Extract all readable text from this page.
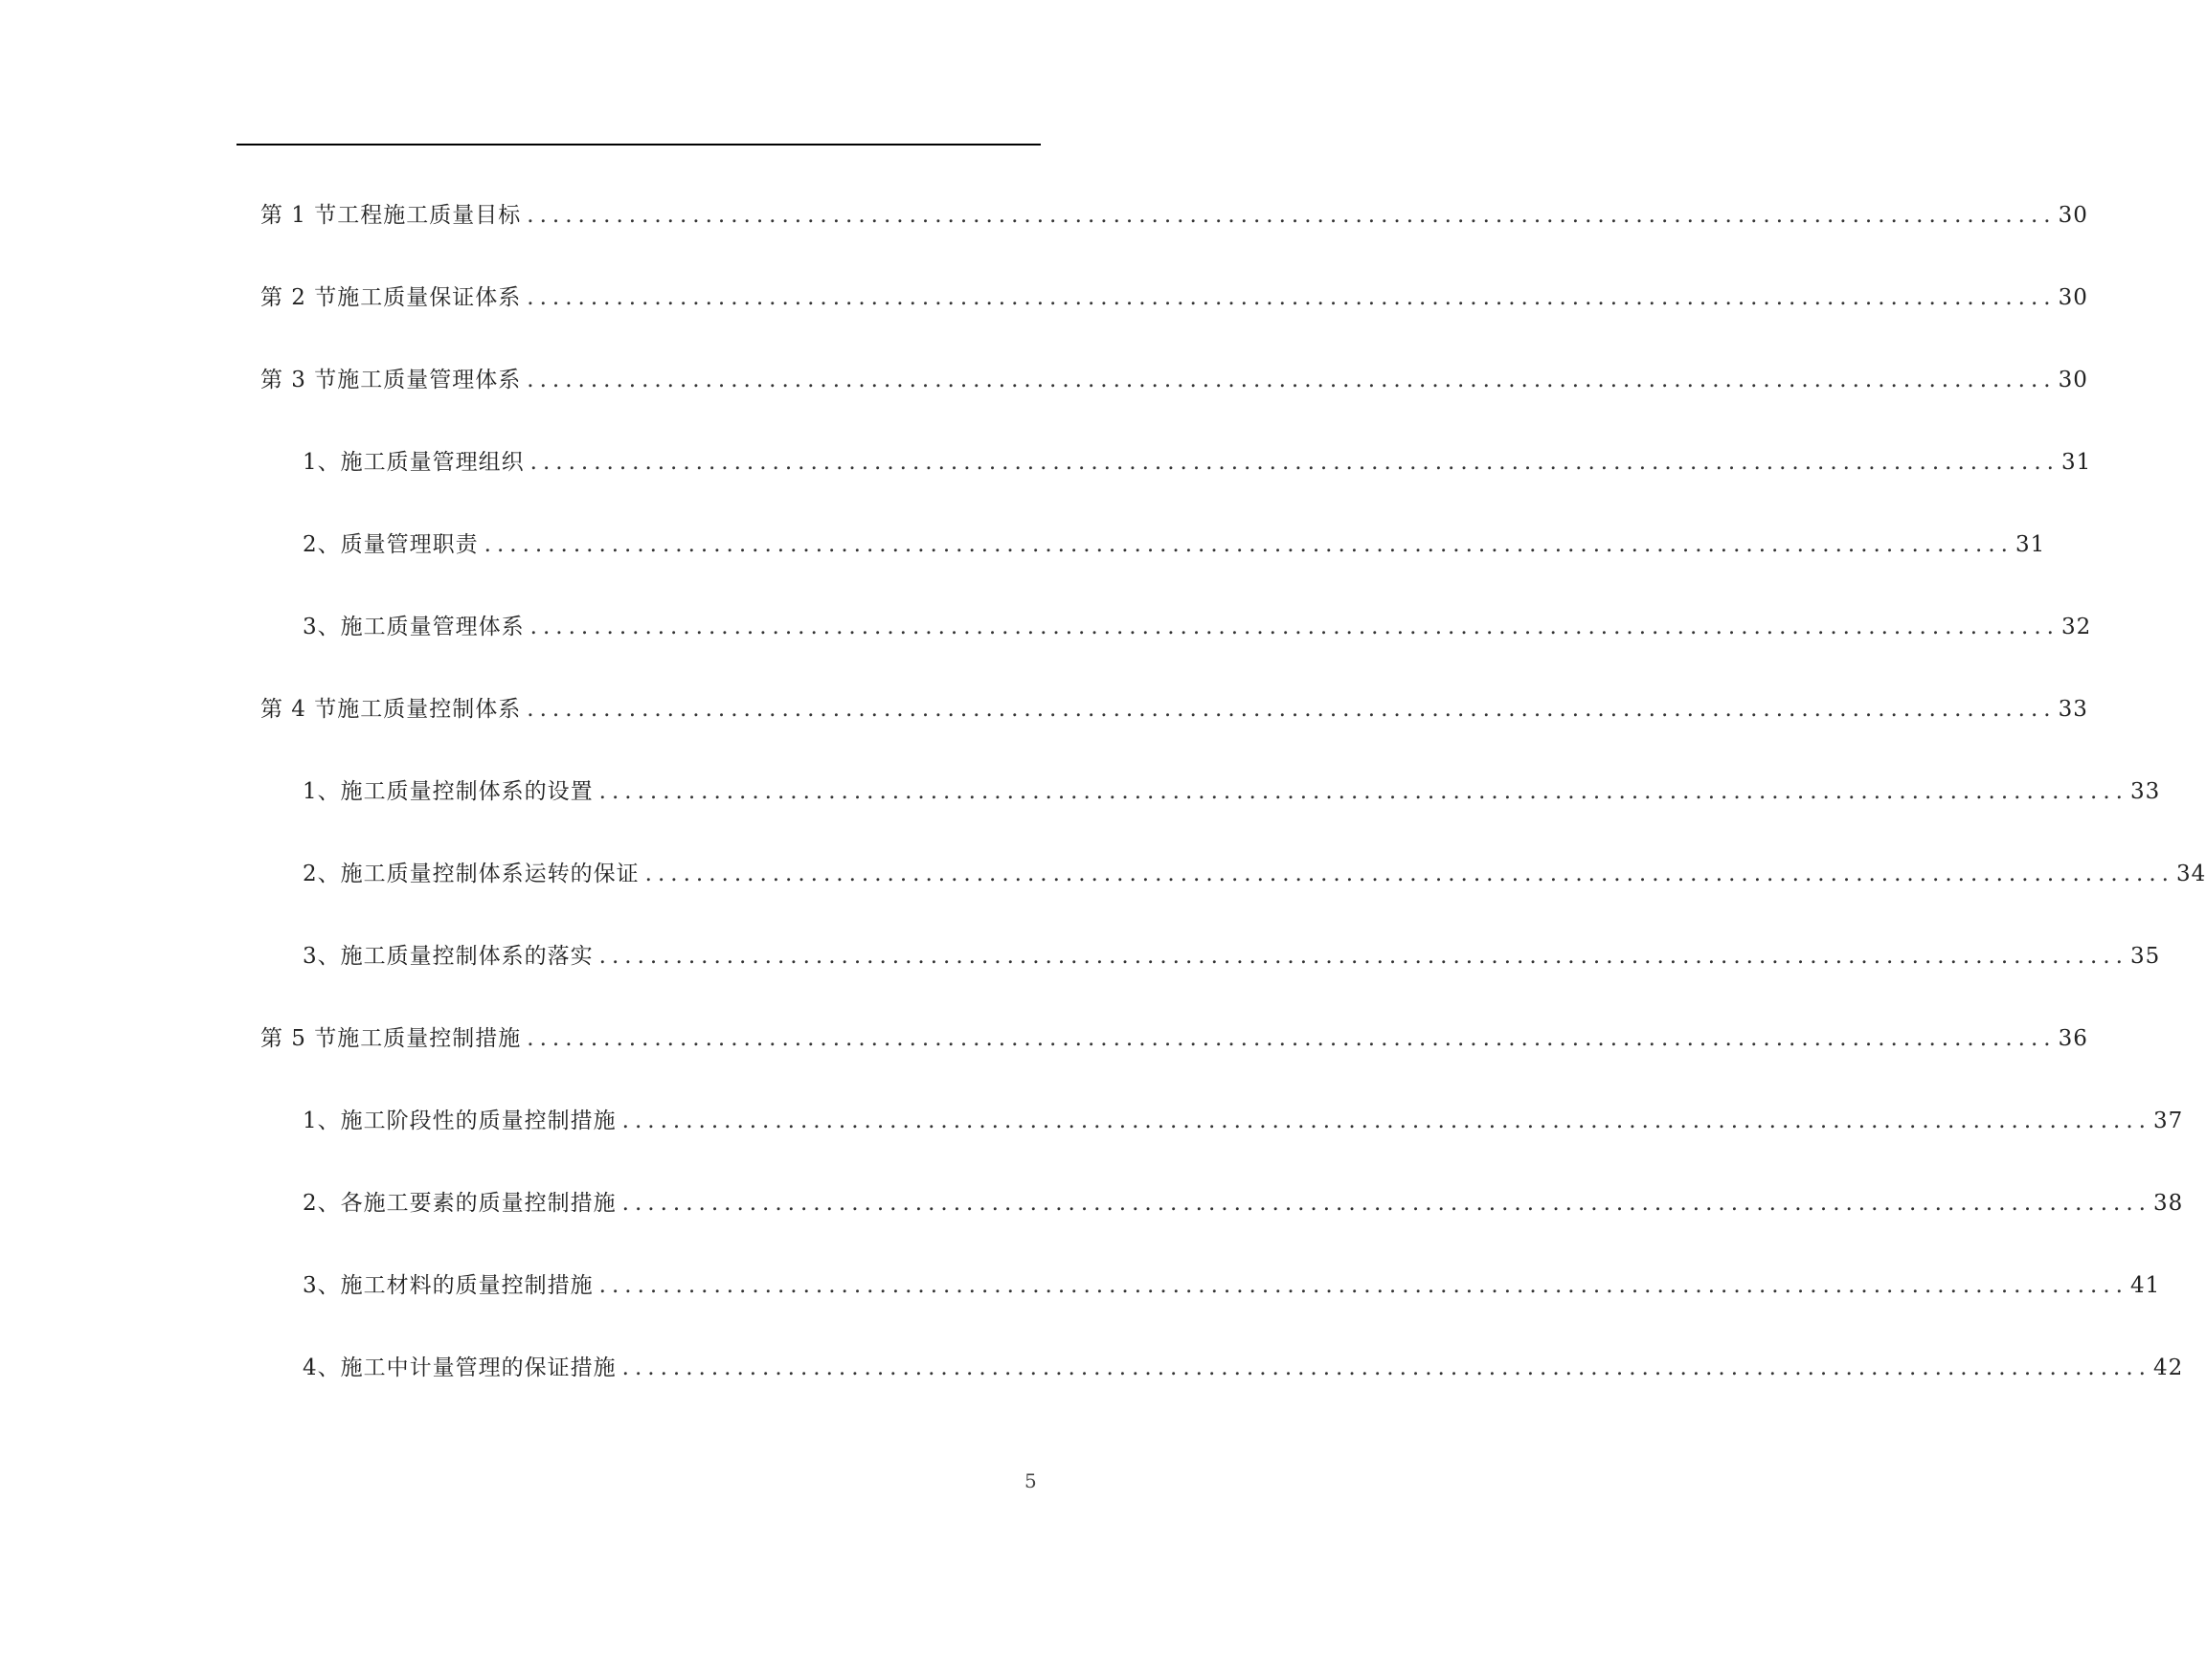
第 1 节 工程施工质量目标 ........................................................................................................................ 30
第 2 节 施工质量保证体系 ........................................................................................................................ 30
第 3 节 施工质量管理体系 ........................................................................................................................ 30
1、 施工质量管理组织 ........................................................................................................................ 31
2、 质量管理职责 ........................................................................................................................ 31
3、 施工质量管理体系 ........................................................................................................................ 32
第 4 节 施工质量控制体系 ........................................................................................................................ 33
1、 施工质量控制体系的设置 ........................................................................................................................ 33
2、 施工质量控制体系运转的保证 ........................................................................................................................ 34
3、 施工质量控制体系的落实 ........................................................................................................................ 35
第 5 节 施工质量控制措施 ........................................................................................................................ 36
1、 施工阶段性的质量控制措施 ........................................................................................................................ 37
2、 各施工要素的质量控制措施 ........................................................................................................................ 38
3、 施工材料的质量控制措施 ........................................................................................................................ 41
4、 施工中计量管理的保证措施 ........................................................................................................................ 42
5
